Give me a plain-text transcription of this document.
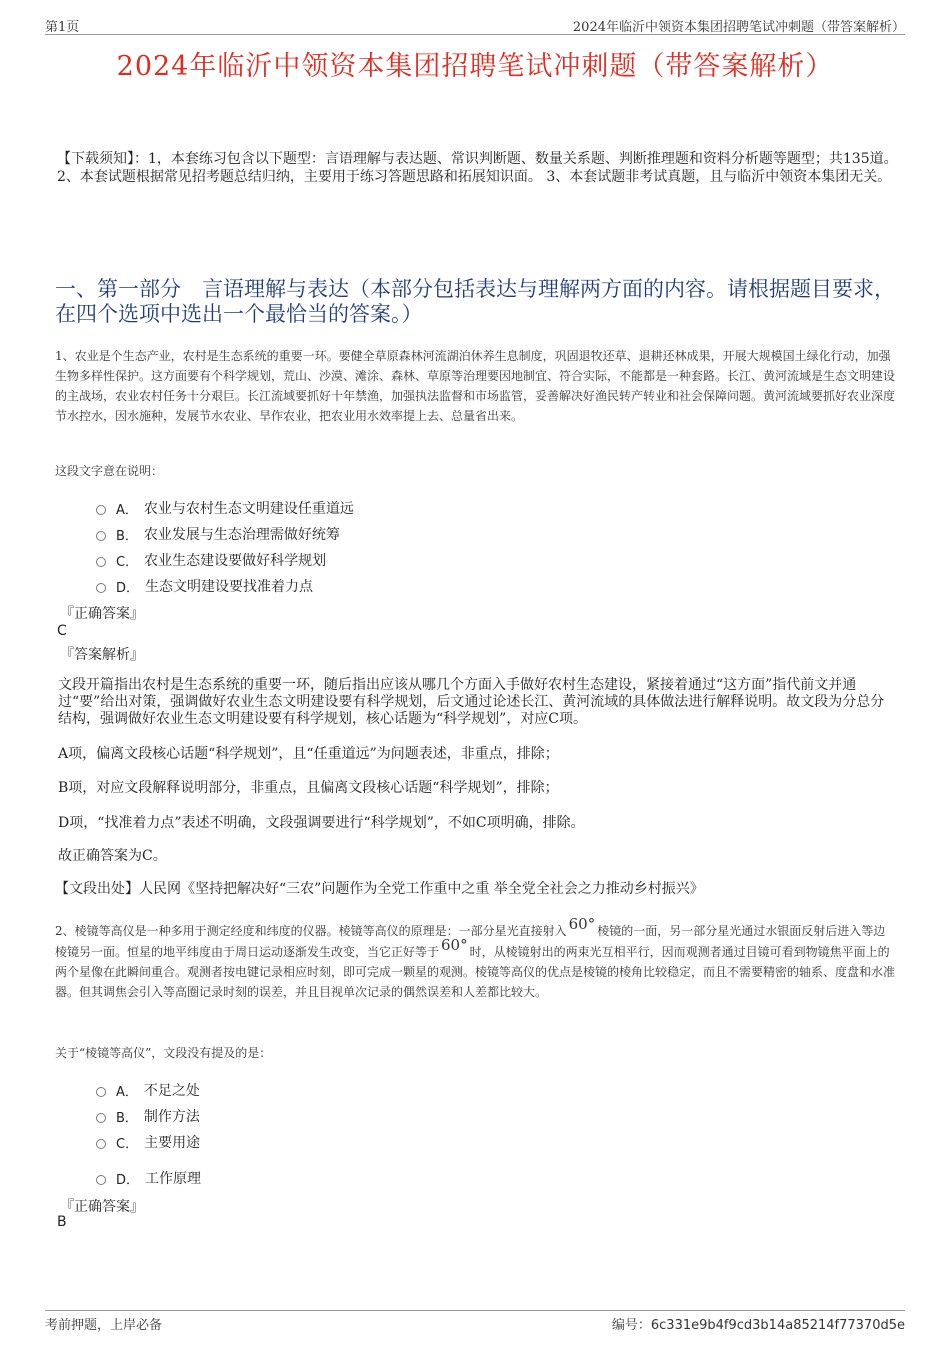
第1页	2024年临沂中领资本集团招聘笔试冲刺题（带答案解析）
2024年临沂中领资本集团招聘笔试冲刺题（带答案解析）

【下载须知】：1，本套练习包含以下题型：言语理解与表达题、常识判断题、数量关系题、判断推理题和资料分析题等题型；共135道。 2、本套试题根据常见招考题总结归纳，主要用于练习答题思路和拓展知识面。 3、本套试题非考试真题，且与临沂中领资本集团无关。

一、第一部分　言语理解与表达（本部分包括表达与理解两方面的内容。请根据题目要求，在四个选项中选出一个最恰当的答案。）

1、农业是个生态产业，农村是生态系统的重要一环。要健全草原森林河流湖泊休养生息制度，巩固退牧还草、退耕还林成果，开展大规模国土绿化行动，加强生物多样性保护。这方面要有个科学规划，荒山、沙漠、滩涂、森林、草原等治理要因地制宜、符合实际，不能都是一种套路。长江、黄河流域是生态文明建设的主战场，农业农村任务十分艰巨。长江流域要抓好十年禁渔，加强执法监督和市场监管，妥善解决好渔民转产转业和社会保障问题。黄河流域要抓好农业深度节水控水，因水施种，发展节水农业、旱作农业，把农业用水效率提上去、总量省出来。

这段文字意在说明：
A． 农业与农村生态文明建设任重道远
B． 农业发展与生态治理需做好统筹
C． 农业生态建设要做好科学规划
D． 生态文明建设要找准着力点
『正确答案』
C
『答案解析』

文段开篇指出农村是生态系统的重要一环，随后指出应该从哪几个方面入手做好农村生态建设，紧接着通过“这方面”指代前文并通过“要”给出对策，强调做好农业生态文明建设要有科学规划，后文通过论述长江、黄河流域的具体做法进行解释说明。故文段为分总分结构，强调做好农业生态文明建设要有科学规划，核心话题为“科学规划”，对应C项。

A项，偏离文段核心话题“科学规划”，且“任重道远”为问题表述，非重点，排除；

B项，对应文段解释说明部分，非重点，且偏离文段核心话题“科学规划”，排除；

D项，“找准着力点”表述不明确，文段强调要进行“科学规划”，不如C项明确，排除。

故正确答案为C。

【文段出处】人民网《坚持把解决好“三农”问题作为全党工作重中之重 举全党全社会之力推动乡村振兴》

2、棱镜等高仪是一种多用于测定经度和纬度的仪器。棱镜等高仪的原理是：一部分星光直接射入 60° 棱镜的一面，另一部分星光通过水银面反射后进入等边棱镜另一面。恒星的地平纬度由于周日运动逐渐发生改变，当它正好等于 60° 时，从棱镜射出的两束光互相平行，因而观测者通过目镜可看到物镜焦平面上的两个星像在此瞬间重合。观测者按电键记录相应时刻，即可完成一颗星的观测。棱镜等高仪的优点是棱镜的棱角比较稳定，而且不需要精密的轴系、度盘和水准器。但其调焦会引入等高圈记录时刻的误差，并且目视单次记录的偶然误差和人差都比较大。

关于“棱镜等高仪”，文段没有提及的是：
A． 不足之处
B． 制作方法
C． 主要用途
D． 工作原理
『正确答案』
B
考前押题，上岸必备	编号：6c331e9b4f9cd3b14a85214f77370d5e
